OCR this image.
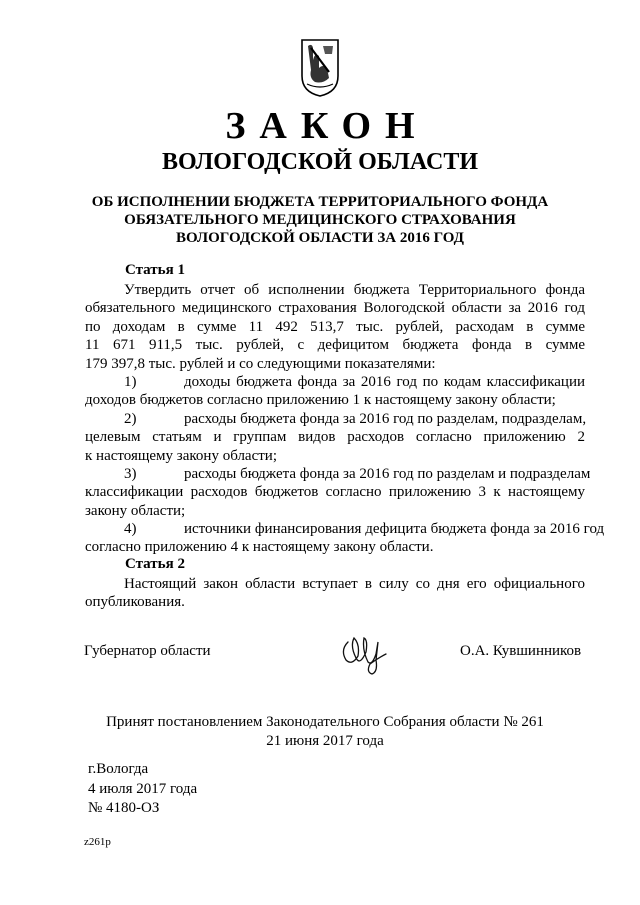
ЗАКОН
ВОЛОГОДСКОЙ ОБЛАСТИ
ОБ ИСПОЛНЕНИИ БЮДЖЕТА ТЕРРИТОРИАЛЬНОГО ФОНДА
ОБЯЗАТЕЛЬНОГО МЕДИЦИНСКОГО СТРАХОВАНИЯ
ВОЛОГОДСКОЙ ОБЛАСТИ ЗА 2016 ГОД
Статья 1
Утвердить отчет об исполнении бюджета Территориального фонда
обязательного медицинского страхования Вологодской области за 2016 год
по доходам в сумме 11 492 513,7 тыс. рублей, расходам в сумме
11 671 911,5 тыс. рублей, с дефицитом бюджета фонда в сумме
179 397,8 тыс. рублей и со следующими показателями:
1)	доходы бюджета фонда за 2016 год по кодам классификации
доходов бюджетов согласно приложению 1 к настоящему закону области;
2)	расходы бюджета фонда за 2016 год по разделам, подразделам,
целевым статьям и группам видов расходов согласно приложению 2
к настоящему закону области;
3)	расходы бюджета фонда за 2016 год по разделам и подразделам
классификации расходов бюджетов согласно приложению 3 к настоящему
закону области;
4)	источники финансирования дефицита бюджета фонда за 2016 год
согласно приложению 4 к настоящему закону области.
Статья 2
Настоящий закон области вступает в силу со дня его официального
опубликования.
Губернатор области	О.А. Кувшинников
Принят постановлением Законодательного Собрания области № 261
21 июня 2017 года
г.Вологда
4 июля 2017 года
№ 4180-ОЗ
z261p
